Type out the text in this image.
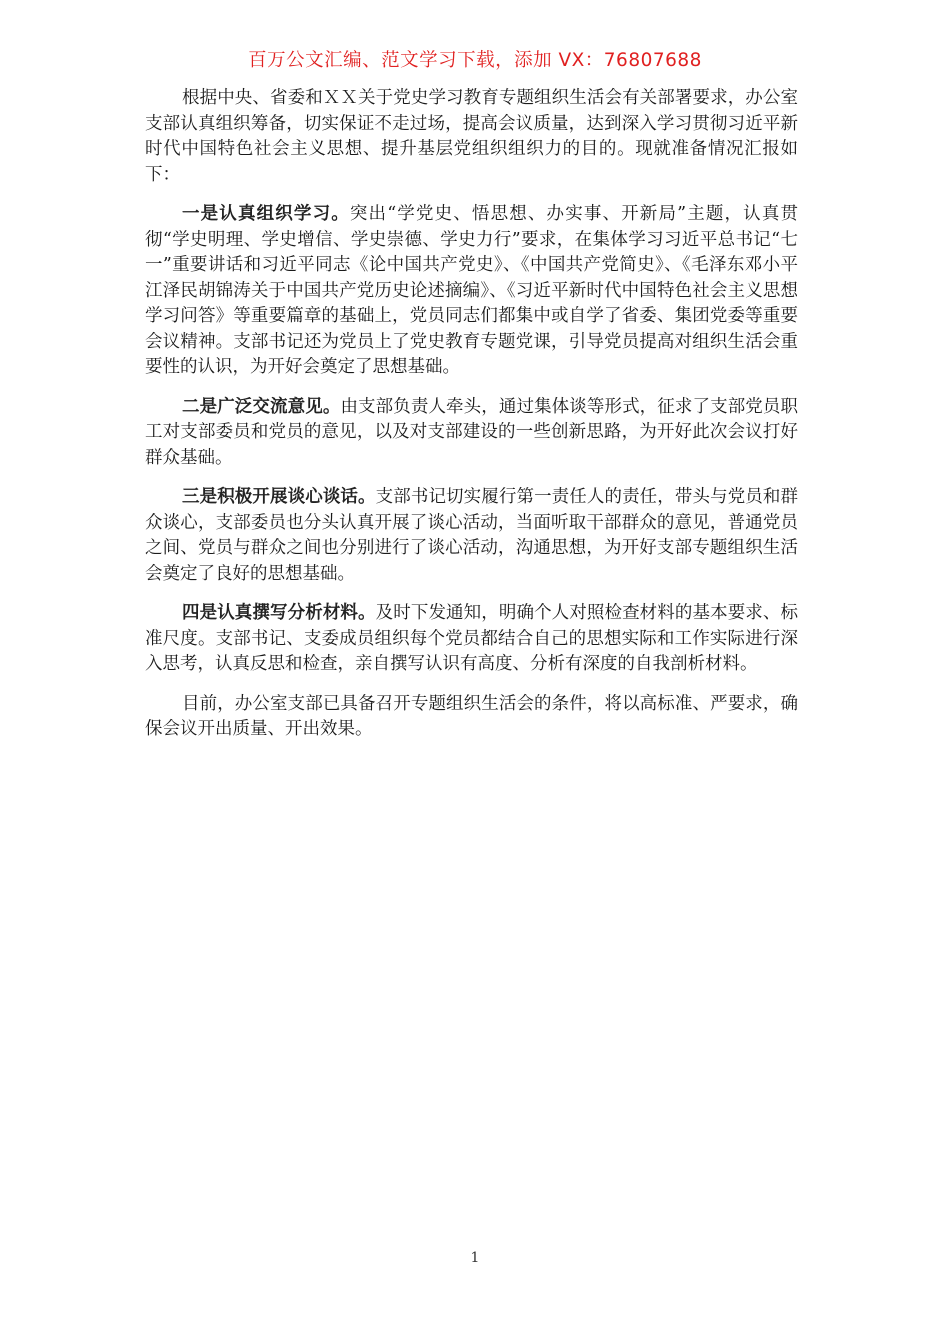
百万公文汇编、范文学习下载，添加 VX：76807688

根据中央、省委和ＸＸ关于党史学习教育专题组织生活会有关部署要求，办公室支部认真组织筹备，切实保证不走过场，提高会议质量，达到深入学习贯彻习近平新时代中国特色社会主义思想、提升基层党组织组织力的目的。现就准备情况汇报如下：

一是认真组织学习。突出“学党史、悟思想、办实事、开新局”主题，认真贯彻“学史明理、学史增信、学史崇德、学史力行”要求，在集体学习习近平总书记“七一”重要讲话和习近平同志《论中国共产党史》、《中国共产党简史》、《毛泽东邓小平江泽民胡锦涛关于中国共产党历史论述摘编》、《习近平新时代中国特色社会主义思想学习问答》等重要篇章的基础上，党员同志们都集中或自学了省委、集团党委等重要会议精神。支部书记还为党员上了党史教育专题党课，引导党员提高对组织生活会重要性的认识，为开好会奠定了思想基础。

二是广泛交流意见。由支部负责人牵头，通过集体谈等形式，征求了支部党员职工对支部委员和党员的意见，以及对支部建设的一些创新思路，为开好此次会议打好群众基础。

三是积极开展谈心谈话。支部书记切实履行第一责任人的责任，带头与党员和群众谈心，支部委员也分头认真开展了谈心活动，当面听取干部群众的意见，普通党员之间、党员与群众之间也分别进行了谈心活动，沟通思想，为开好支部专题组织生活会奠定了良好的思想基础。

四是认真撰写分析材料。及时下发通知，明确个人对照检查材料的基本要求、标准尺度。支部书记、支委成员组织每个党员都结合自己的思想实际和工作实际进行深入思考，认真反思和检查，亲自撰写认识有高度、分析有深度的自我剖析材料。

目前，办公室支部已具备召开专题组织生活会的条件，将以高标准、严要求，确保会议开出质量、开出效果。

1
